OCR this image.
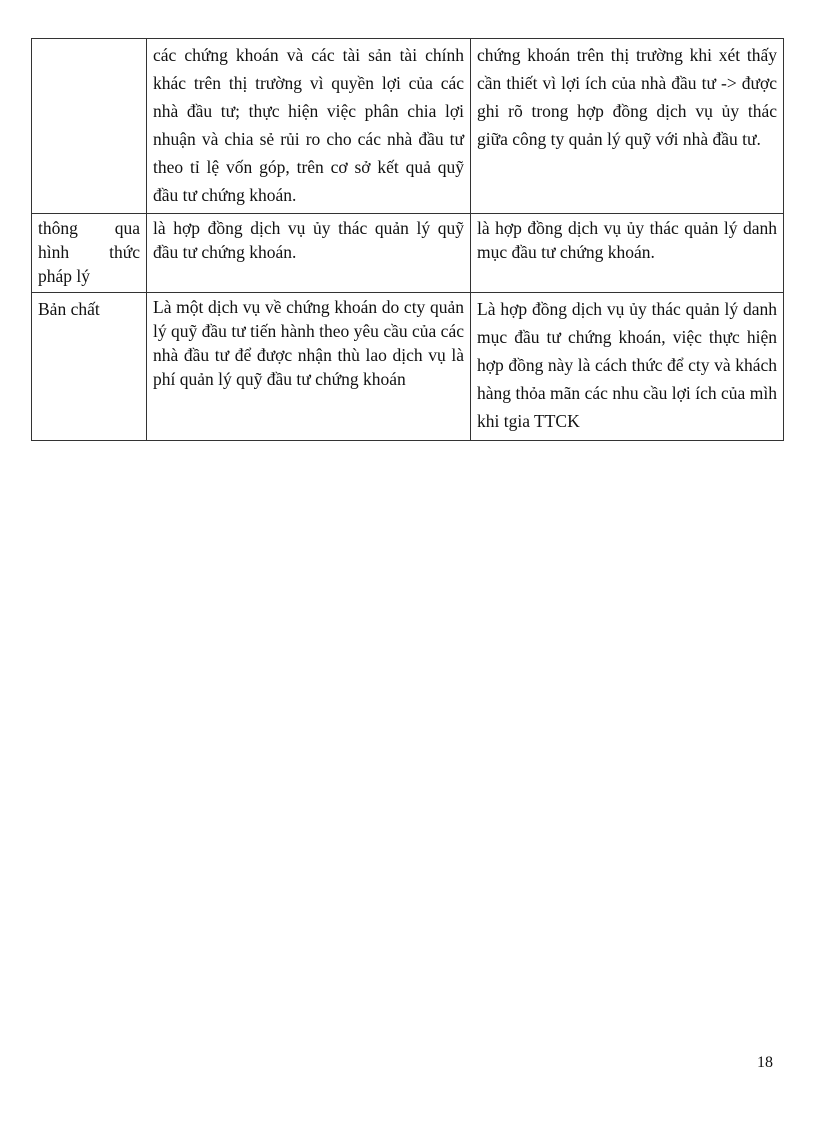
	các chứng khoán và các tài sản tài chính khác trên thị trường vì quyền lợi của các nhà đầu tư; thực hiện việc phân chia lợi nhuận và chia sẻ rủi ro cho các nhà đầu tư theo tỉ lệ vốn góp, trên cơ sở kết quả quỹ đầu tư chứng khoán.	chứng khoán trên thị trường khi xét thấy cần thiết vì lợi ích của nhà đầu tư -> được ghi rõ trong hợp đồng dịch vụ ủy thác giữa công ty quản lý quỹ với nhà đầu tư.
thông qua hình thức pháp lý	là hợp đồng dịch vụ ủy thác quản lý quỹ đầu tư chứng khoán.	là hợp đồng dịch vụ ủy thác quản lý danh mục đầu tư chứng khoán.
Bản chất	Là một dịch vụ về chứng khoán do cty quản lý quỹ đầu tư tiến hành theo yêu cầu của các nhà đầu tư để được nhận thù lao dịch vụ là phí quản lý quỹ đầu tư chứng khoán	Là hợp đồng dịch vụ ủy thác quản lý danh mục đầu tư chứng khoán, việc thực hiện hợp đồng này là cách thức để cty và khách hàng thỏa mãn các nhu cầu lợi ích của mìh khi tgia TTCK
18
